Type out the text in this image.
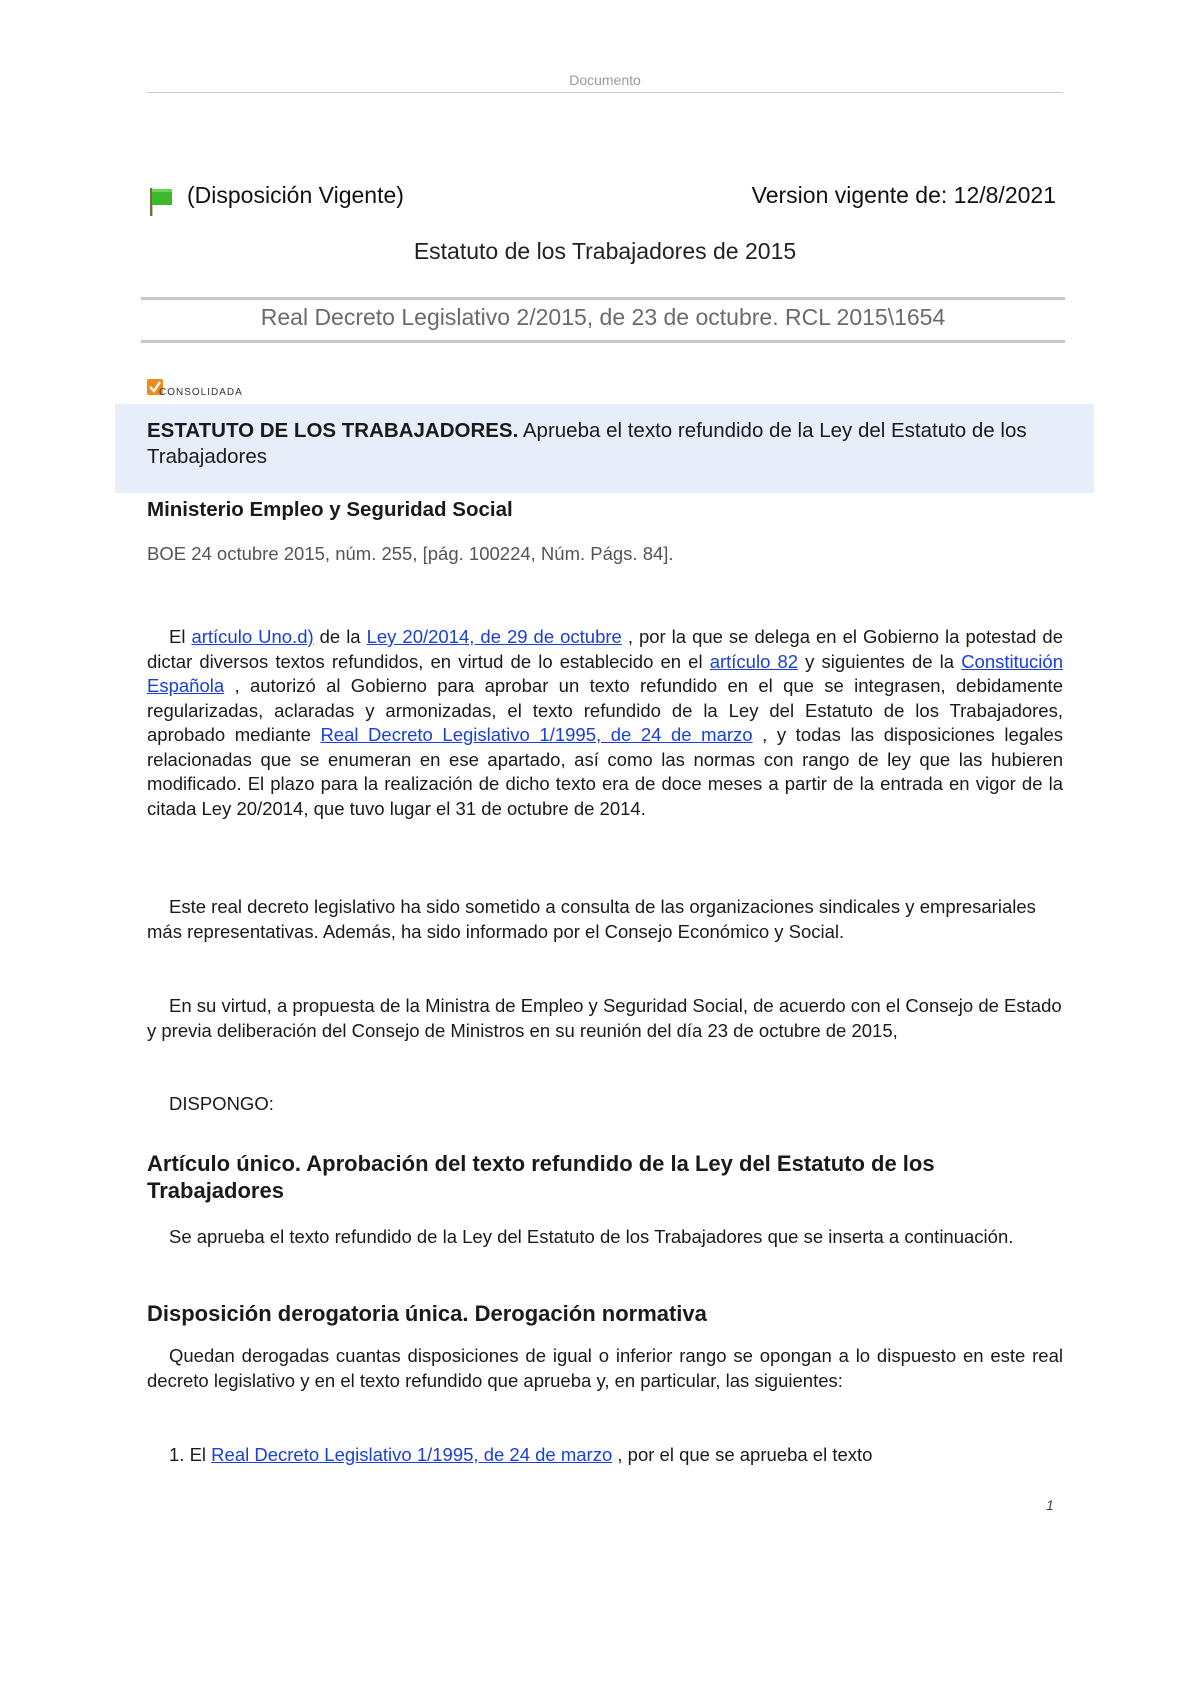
Documento
(Disposición Vigente)	Version vigente de: 12/8/2021
Estatuto de los Trabajadores de 2015
Real Decreto Legislativo 2/2015, de 23 de octubre. RCL 2015\1654
CONSOLIDADA
ESTATUTO DE LOS TRABAJADORES. Aprueba el texto refundido de la Ley del Estatuto de los Trabajadores
Ministerio Empleo y Seguridad Social
BOE 24 octubre 2015, núm. 255, [pág. 100224, Núm. Págs. 84].

El artículo Uno.d) de la Ley 20/2014, de 29 de octubre , por la que se delega en el Gobierno la potestad de dictar diversos textos refundidos, en virtud de lo establecido en el artículo 82 y siguientes de la Constitución Española , autorizó al Gobierno para aprobar un texto refundido en el que se integrasen, debidamente regularizadas, aclaradas y armonizadas, el texto refundido de la Ley del Estatuto de los Trabajadores, aprobado mediante Real Decreto Legislativo 1/1995, de 24 de marzo , y todas las disposiciones legales relacionadas que se enumeran en ese apartado, así como las normas con rango de ley que las hubieren modificado. El plazo para la realización de dicho texto era de doce meses a partir de la entrada en vigor de la citada Ley 20/2014, que tuvo lugar el 31 de octubre de 2014.

Este real decreto legislativo ha sido sometido a consulta de las organizaciones sindicales y empresariales más representativas. Además, ha sido informado por el Consejo Económico y Social.

En su virtud, a propuesta de la Ministra de Empleo y Seguridad Social, de acuerdo con el Consejo de Estado y previa deliberación del Consejo de Ministros en su reunión del día 23 de octubre de 2015,

DISPONGO:

Artículo único. Aprobación del texto refundido de la Ley del Estatuto de los Trabajadores

Se aprueba el texto refundido de la Ley del Estatuto de los Trabajadores que se inserta a continuación.

Disposición derogatoria única. Derogación normativa

Quedan derogadas cuantas disposiciones de igual o inferior rango se opongan a lo dispuesto en este real decreto legislativo y en el texto refundido que aprueba y, en particular, las siguientes:

1. El Real Decreto Legislativo 1/1995, de 24 de marzo , por el que se aprueba el texto

1
